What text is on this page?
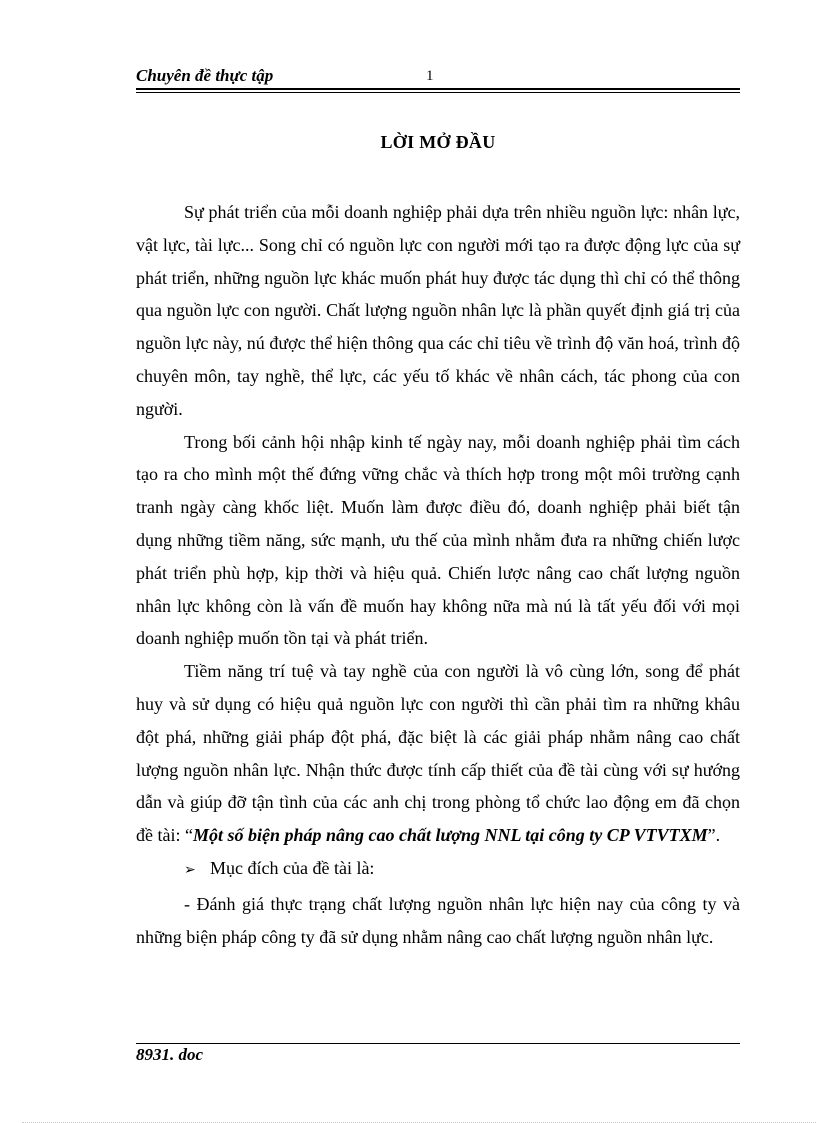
Chuyên đề thực tập	1
LỜI MỞ ĐẦU

Sự phát triển của mỗi doanh nghiệp phải dựa trên nhiều nguồn lực: nhân lực, vật lực, tài lực... Song chỉ có nguồn lực con người mới tạo ra được động lực của sự phát triển, những nguồn lực khác muốn phát huy được tác dụng thì chỉ có thể thông qua nguồn lực con người. Chất lượng nguồn nhân lực là phần quyết định giá trị của nguồn lực này, nú được thể hiện thông qua các chỉ tiêu về trình độ văn hoá, trình độ chuyên môn, tay nghề, thể lực, các yếu tố khác về nhân cách, tác phong của con người.

Trong bối cảnh hội nhập kinh tế ngày nay, mỗi doanh nghiệp phải tìm cách tạo ra cho mình một thế đứng vững chắc và thích hợp trong một môi trường cạnh tranh ngày càng khốc liệt. Muốn làm được điều đó, doanh nghiệp phải biết tận dụng những tiềm năng, sức mạnh, ưu thế của mình nhằm đưa ra những chiến lược phát triển phù hợp, kịp thời và hiệu quả. Chiến lược nâng cao chất lượng nguồn nhân lực không còn là vấn đề muốn hay không nữa mà nú là tất yếu đối với mọi doanh nghiệp muốn tồn tại và phát triển.

Tiềm năng trí tuệ và tay nghề của con người là vô cùng lớn, song để phát huy và sử dụng có hiệu quả nguồn lực con người thì cần phải tìm ra những khâu đột phá, những giải pháp đột phá, đặc biệt là các giải pháp nhằm nâng cao chất lượng nguồn nhân lực. Nhận thức được tính cấp thiết của đề tài cùng với sự hướng dẫn và giúp đỡ tận tình của các anh chị trong phòng tổ chức lao động em đã chọn đề tài: “Một số biện pháp nâng cao chất lượng NNL tại công ty CP VTVTXM”.

➢ Mục đích của đề tài là:

- Đánh giá thực trạng chất lượng nguồn nhân lực hiện nay của công ty và những biện pháp công ty đã sử dụng nhằm nâng cao chất lượng nguồn nhân lực.

8931. doc
